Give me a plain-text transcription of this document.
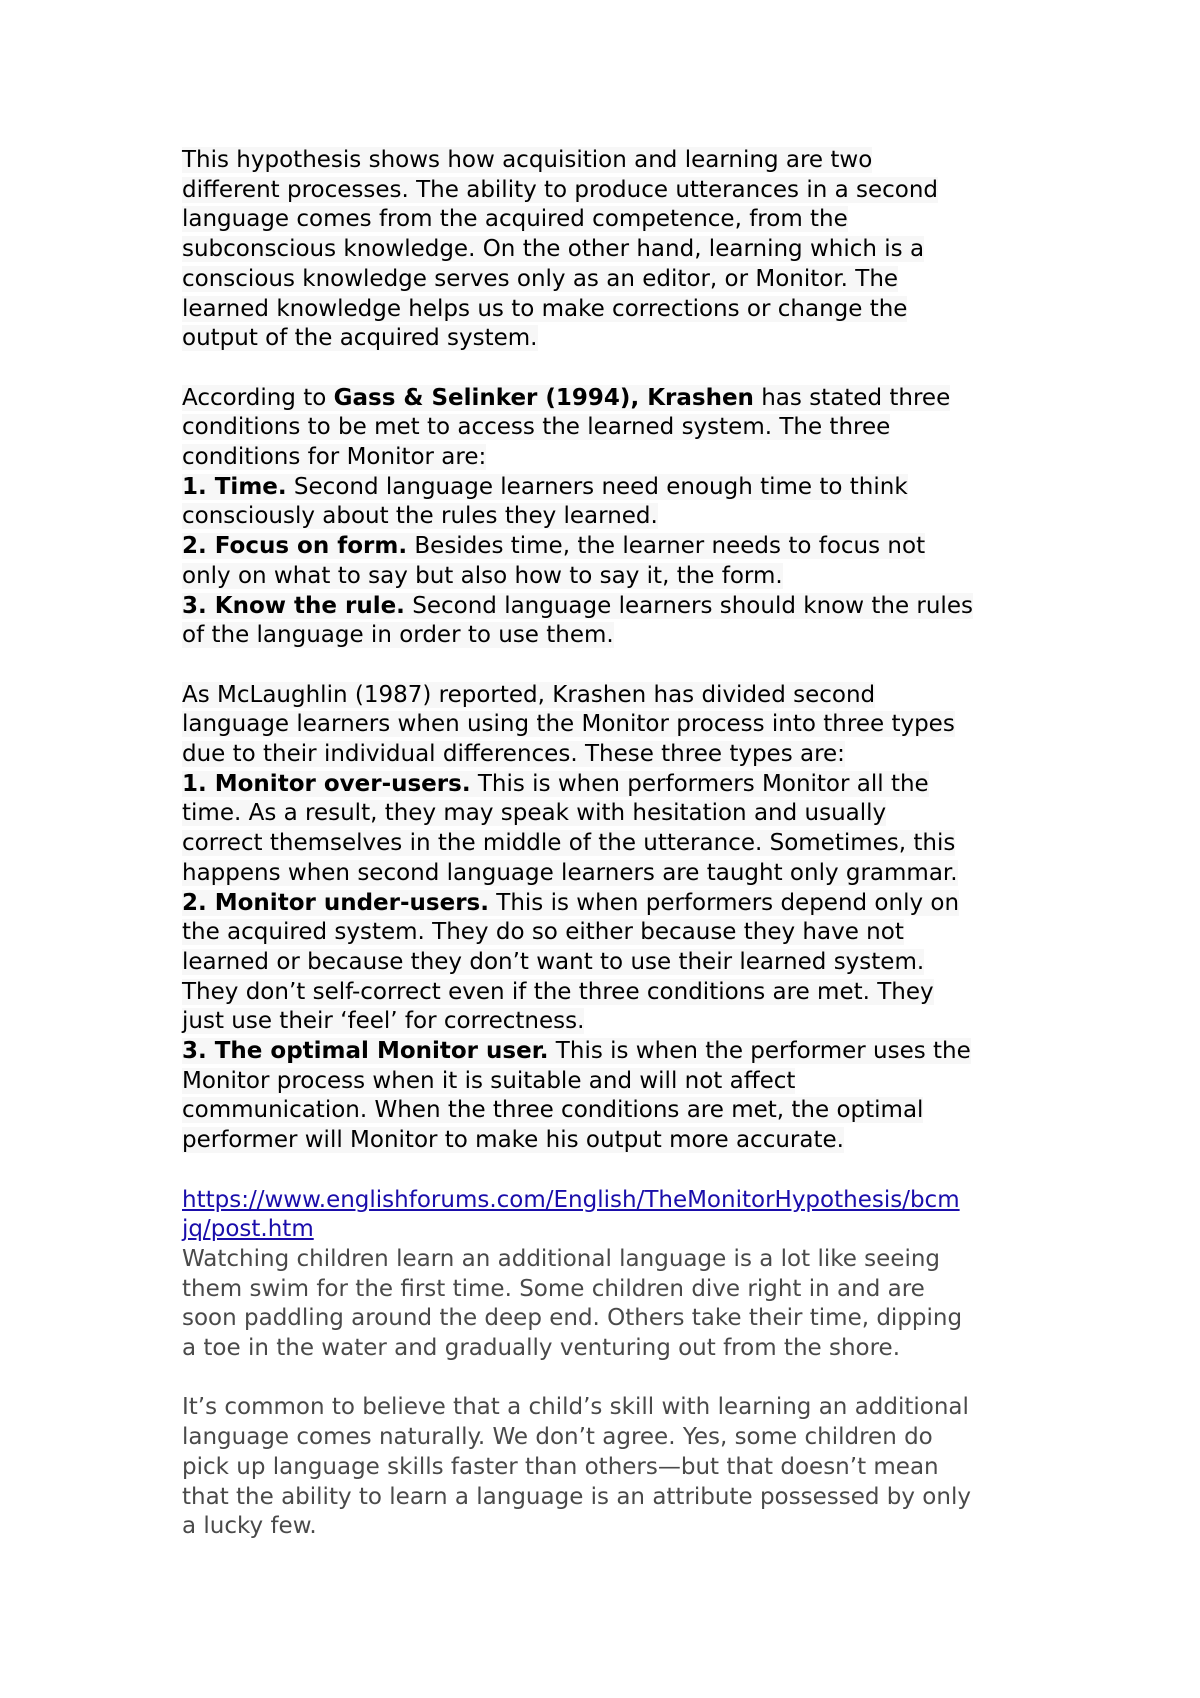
This hypothesis shows how acquisition and learning are two
different processes. The ability to produce utterances in a second
language comes from the acquired competence, from the
subconscious knowledge. On the other hand, learning which is a
conscious knowledge serves only as an editor, or Monitor. The
learned knowledge helps us to make corrections or change the
output of the acquired system.
According to Gass & Selinker (1994), Krashen has stated three
conditions to be met to access the learned system. The three
conditions for Monitor are:
1. Time. Second language learners need enough time to think
consciously about the rules they learned.
2. Focus on form. Besides time, the learner needs to focus not
only on what to say but also how to say it, the form.
3. Know the rule. Second language learners should know the rules
of the language in order to use them.
As McLaughlin (1987) reported, Krashen has divided second
language learners when using the Monitor process into three types
due to their individual differences. These three types are:
1. Monitor over-users. This is when performers Monitor all the
time. As a result, they may speak with hesitation and usually
correct themselves in the middle of the utterance. Sometimes, this
happens when second language learners are taught only grammar.
2. Monitor under-users. This is when performers depend only on
the acquired system. They do so either because they have not
learned or because they don’t want to use their learned system.
They don’t self-correct even if the three conditions are met. They
just use their ‘feel’ for correctness.
3. The optimal Monitor user. This is when the performer uses the
Monitor process when it is suitable and will not affect
communication. When the three conditions are met, the optimal
performer will Monitor to make his output more accurate.
https://www.englishforums.com/English/TheMonitorHypothesis/bcm
jq/post.htm
Watching children learn an additional language is a lot like seeing
them swim for the first time. Some children dive right in and are
soon paddling around the deep end. Others take their time, dipping
a toe in the water and gradually venturing out from the shore.
It’s common to believe that a child’s skill with learning an additional
language comes naturally. We don’t agree. Yes, some children do
pick up language skills faster than others—but that doesn’t mean
that the ability to learn a language is an attribute possessed by only
a lucky few.
